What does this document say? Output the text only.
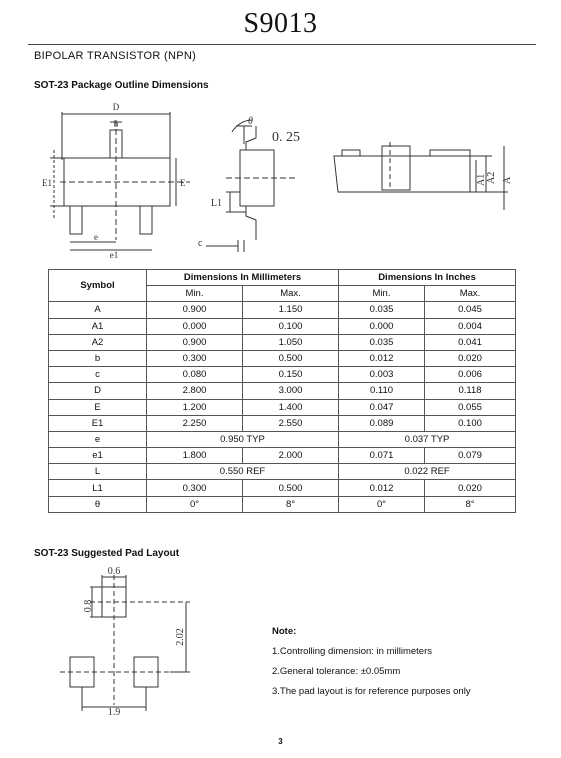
S9013
BIPOLAR TRANSISTOR (NPN)
SOT-23 Package Outline Dimensions
D
b
E1	E
e
e1
θ
0. 25
L1
c
A1 A2 A
Symbol	Dimensions In Millimeters		Dimensions In Inches	
	Min.	Max.	Min.	Max.
A	0.900	1.150	0.035	0.045
A1	0.000	0.100	0.000	0.004
A2	0.900	1.050	0.035	0.041
b	0.300	0.500	0.012	0.020
c	0.080	0.150	0.003	0.006
D	2.800	3.000	0.110	0.118
E	1.200	1.400	0.047	0.055
E1	2.250	2.550	0.089	0.100
e	0.950 TYP		0.037 TYP	
e1	1.800	2.000	0.071	0.079
L	0.550 REF		0.022 REF	
L1	0.300	0.500	0.012	0.020
θ	0°	8°	0°	8°
SOT-23 Suggested Pad Layout
0.6
0.8
2.02
1.9
Note:
1.Controlling dimension: in millimeters
2.General tolerance: ±0.05mm
3.The pad layout is for reference purposes only
3
